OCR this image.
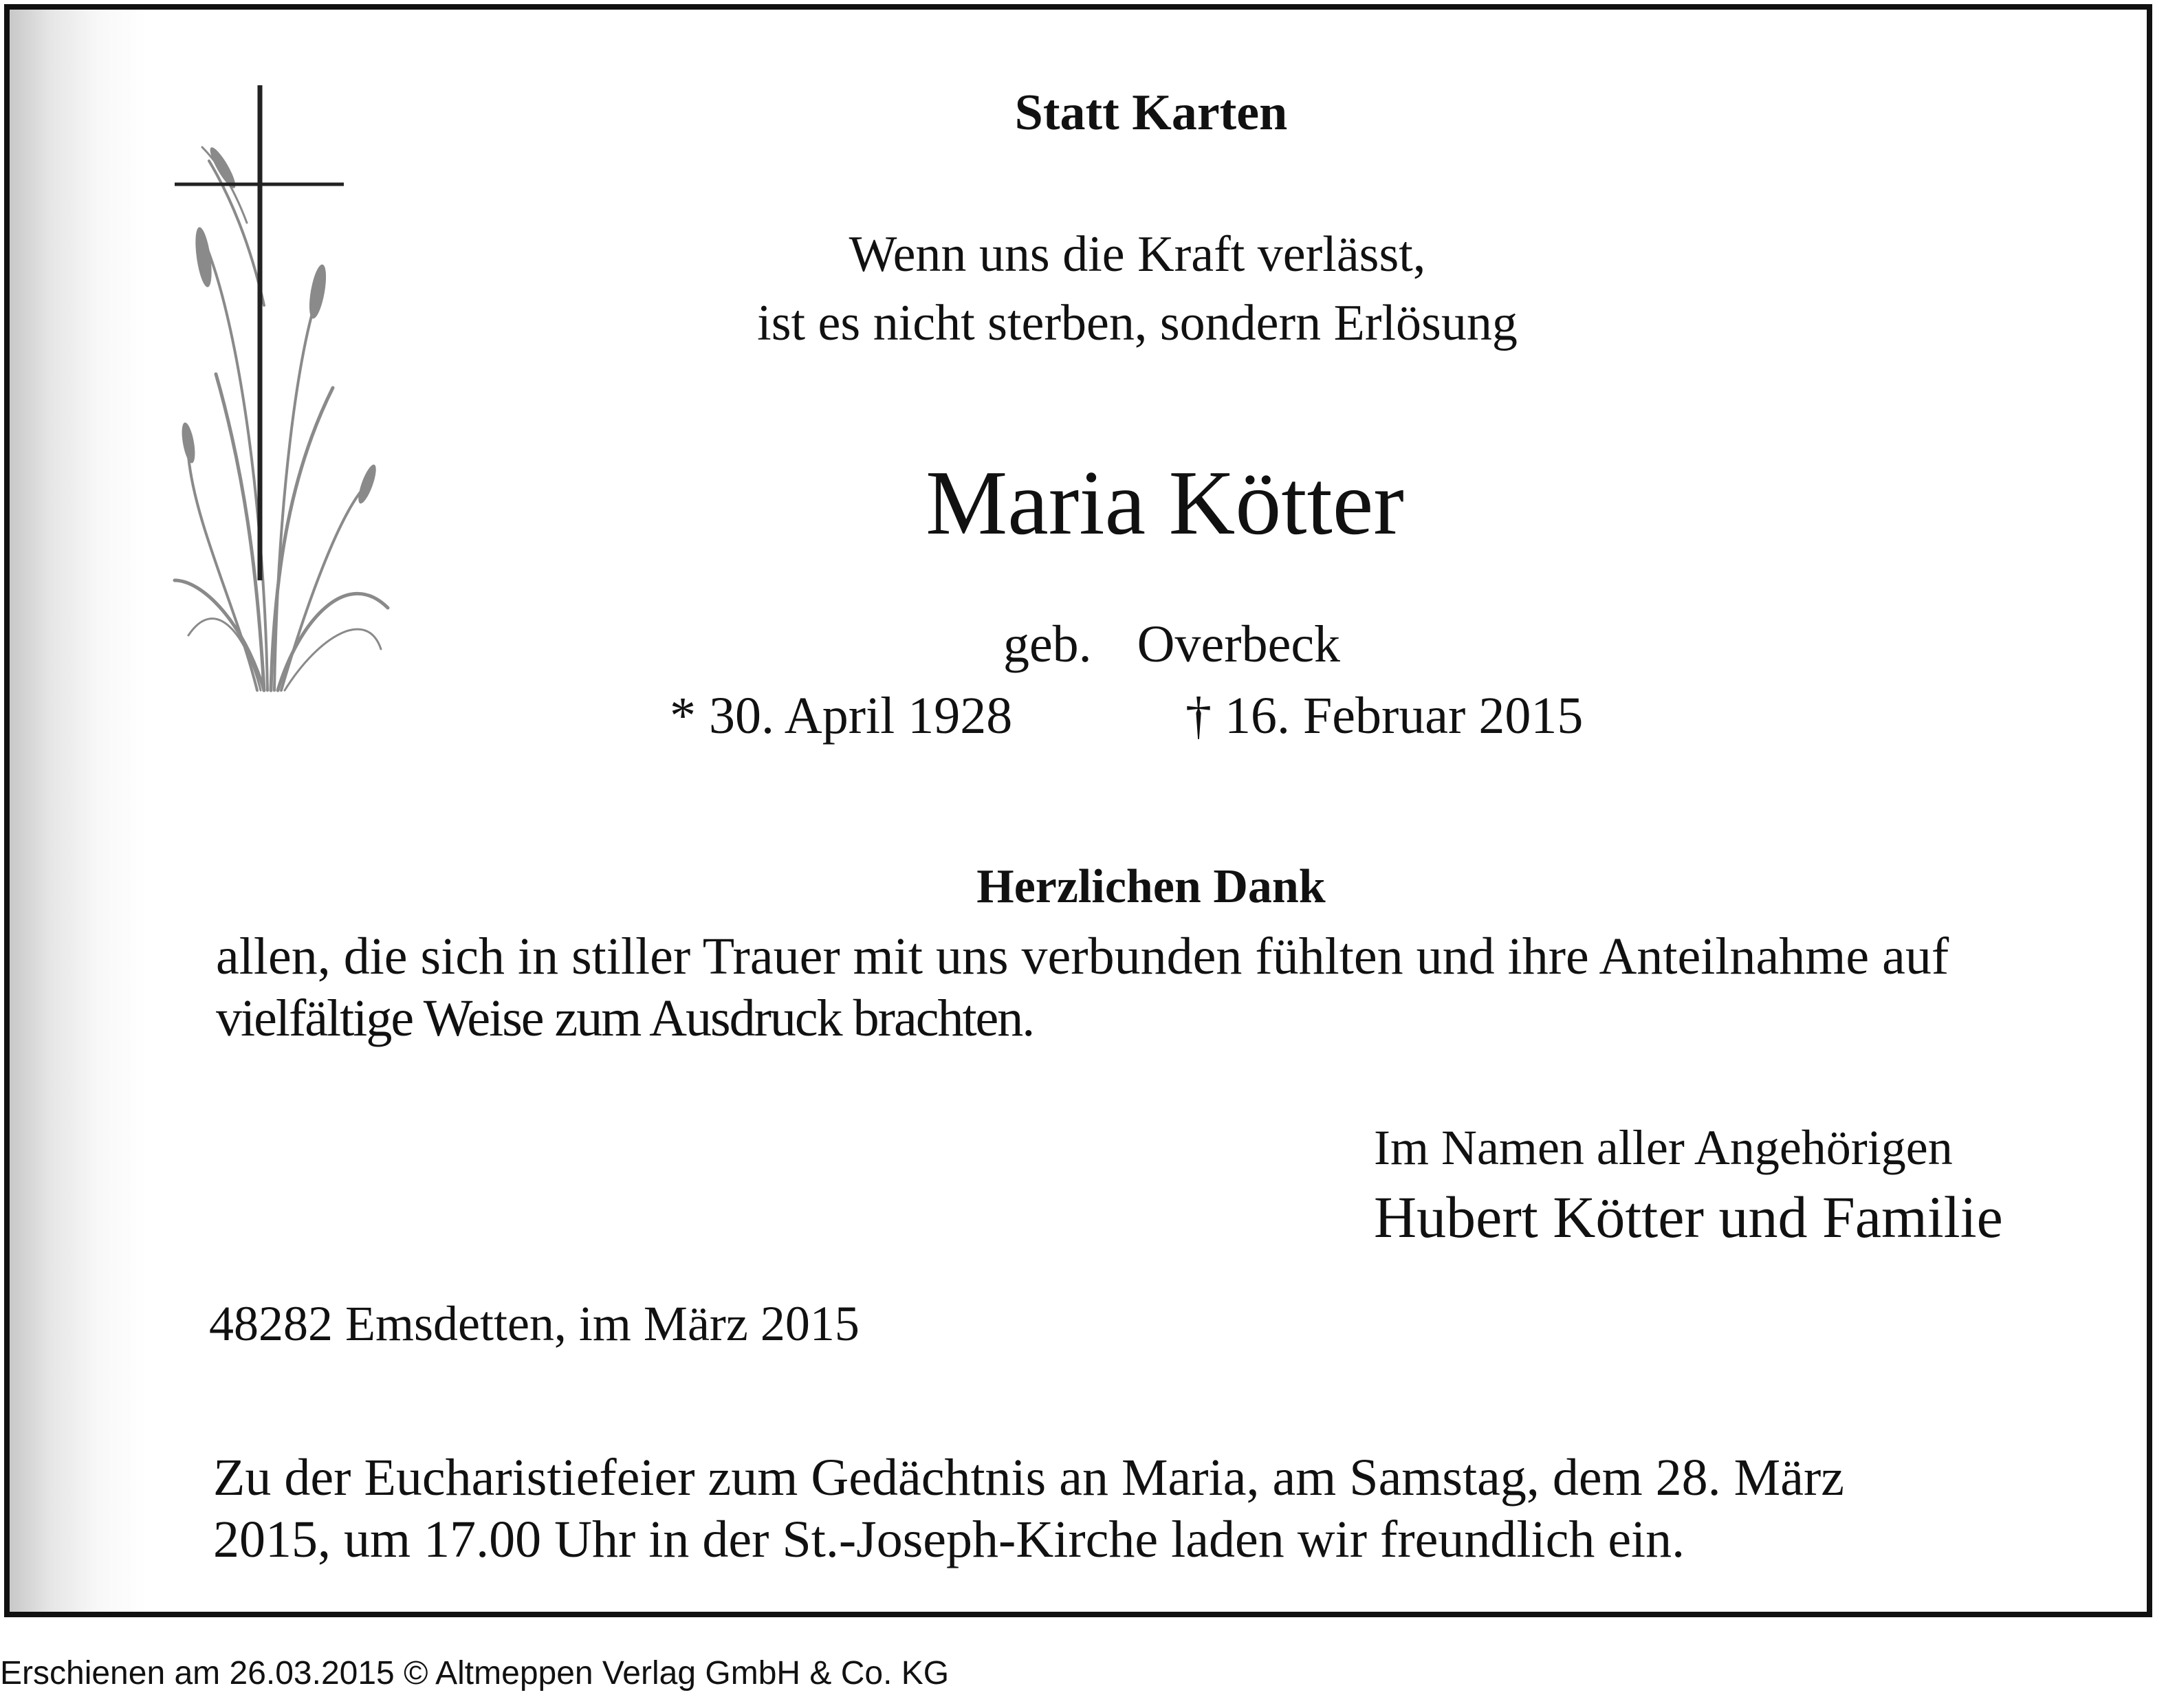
Statt Karten
Wenn uns die Kraft verlässt,
ist es nicht sterben, sondern Erlösung
Maria Kötter
geb.  Overbeck
* 30. April 1928	† 16. Februar 2015
Herzlichen Dank
allen, die sich in stiller Trauer mit uns verbunden fühlten und ihre Anteilnahme auf
vielfältige Weise zum Ausdruck brachten.
Im Namen aller Angehörigen
Hubert Kötter und Familie
48282 Emsdetten, im März 2015
Zu der Eucharistiefeier zum Gedächtnis an Maria, am Samstag, dem 28. März
2015, um 17.00 Uhr in der St.-Joseph-Kirche laden wir freundlich ein.
Erschienen am 26.03.2015 © Altmeppen Verlag GmbH & Co. KG
